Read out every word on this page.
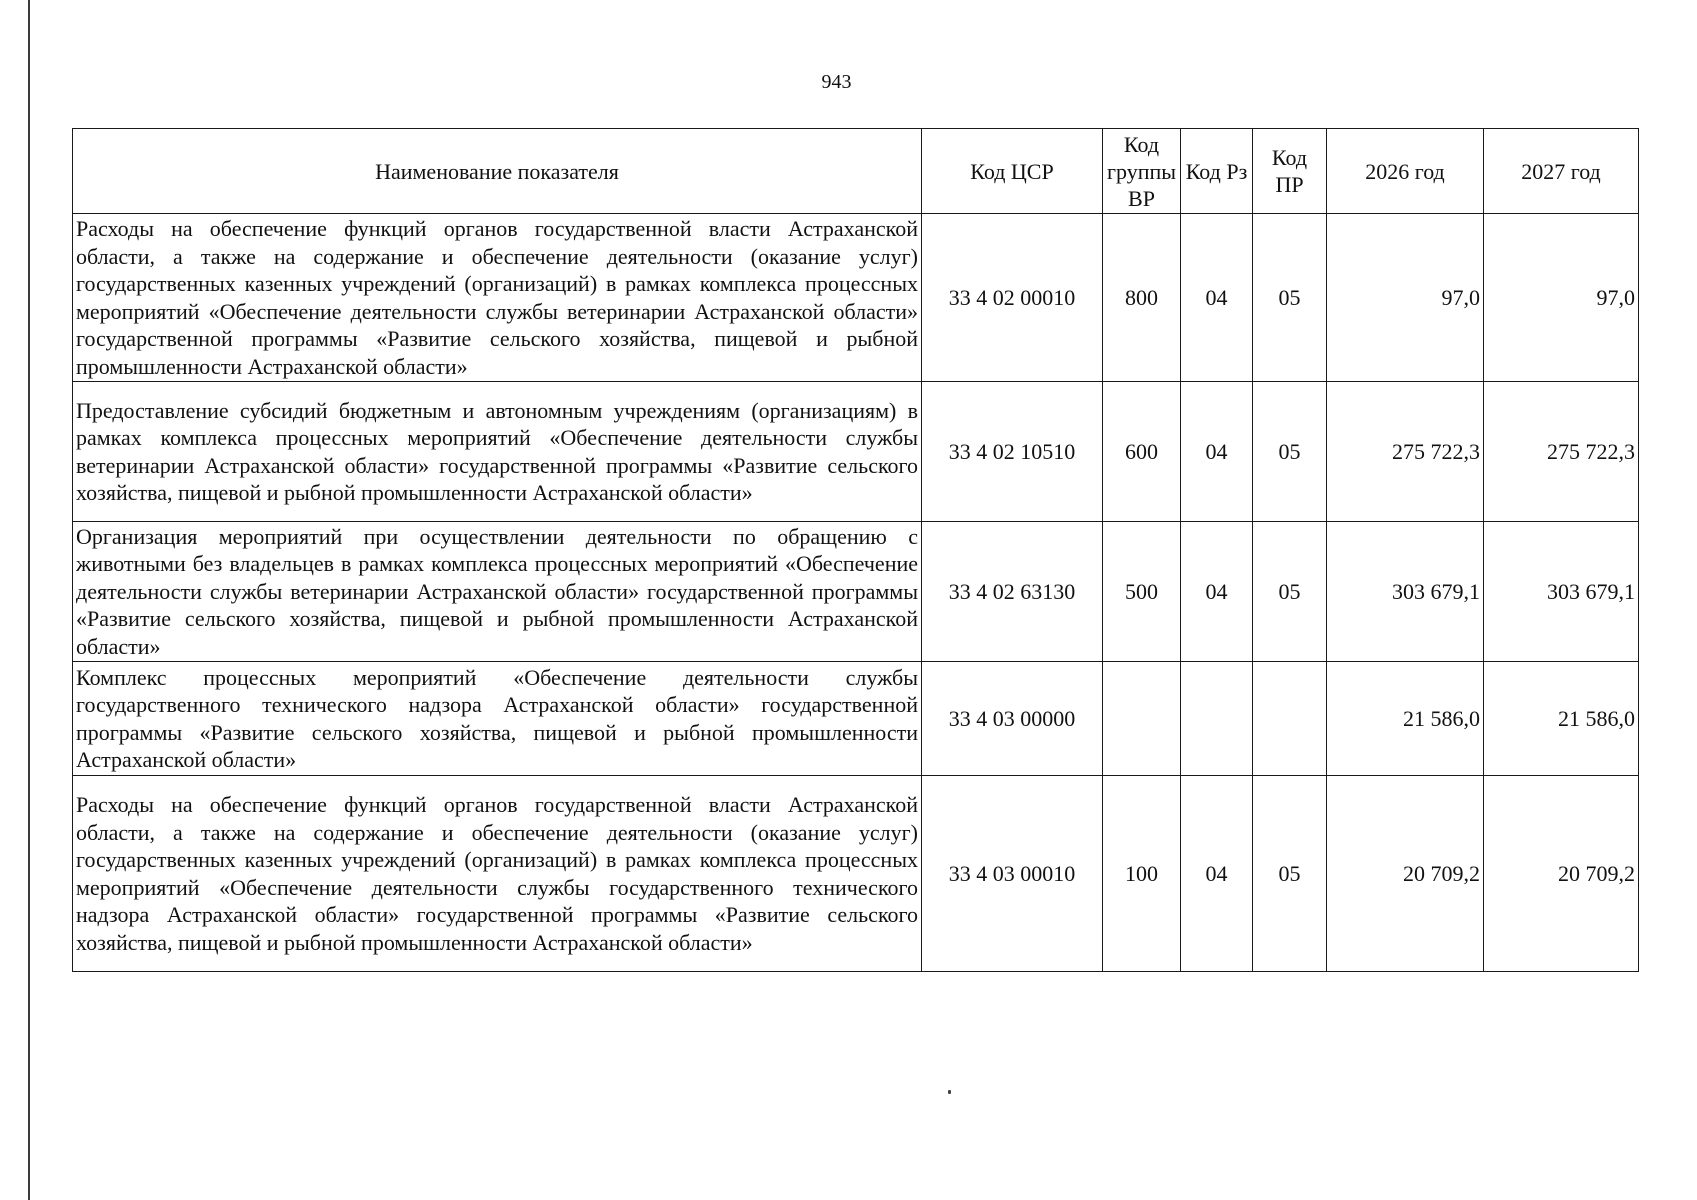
943
Наименование показателя	Код ЦСР	Код группы ВР	Код Рз	Код ПР	2026 год	2027 год
Расходы на обеспечение функций органов государственной власти Астраханской области, а также на содержание и обеспечение деятельности (оказание услуг) государственных казенных учреждений (организаций) в рамках комплекса процессных мероприятий «Обеспечение деятельности службы ветеринарии Астраханской области» государственной программы «Развитие сельского хозяйства, пищевой и рыбной промышленности Астраханской области»	33 4 02 00010	800	04	05	97,0	97,0
Предоставление субсидий бюджетным и автономным учреждениям (организациям) в рамках комплекса процессных мероприятий «Обеспечение деятельности службы ветеринарии Астраханской области» государственной программы «Развитие сельского хозяйства, пищевой и рыбной промышленности Астраханской области»	33 4 02 10510	600	04	05	275 722,3	275 722,3
Организация мероприятий при осуществлении деятельности по обращению с животными без владельцев в рамках комплекса процессных мероприятий «Обеспечение деятельности службы ветеринарии Астраханской области» государственной программы «Развитие сельского хозяйства, пищевой и рыбной промышленности Астраханской области»	33 4 02 63130	500	04	05	303 679,1	303 679,1
Комплекс процессных мероприятий «Обеспечение деятельности службы государственного технического надзора Астраханской области» государственной программы «Развитие сельского хозяйства, пищевой и рыбной промышленности Астраханской области»	33 4 03 00000				21 586,0	21 586,0
Расходы на обеспечение функций органов государственной власти Астраханской области, а также на содержание и обеспечение деятельности (оказание услуг) государственных казенных учреждений (организаций) в рамках комплекса процессных мероприятий «Обеспечение деятельности службы государственного технического надзора Астраханской области» государственной программы «Развитие сельского хозяйства, пищевой и рыбной промышленности Астраханской области»	33 4 03 00010	100	04	05	20 709,2	20 709,2
